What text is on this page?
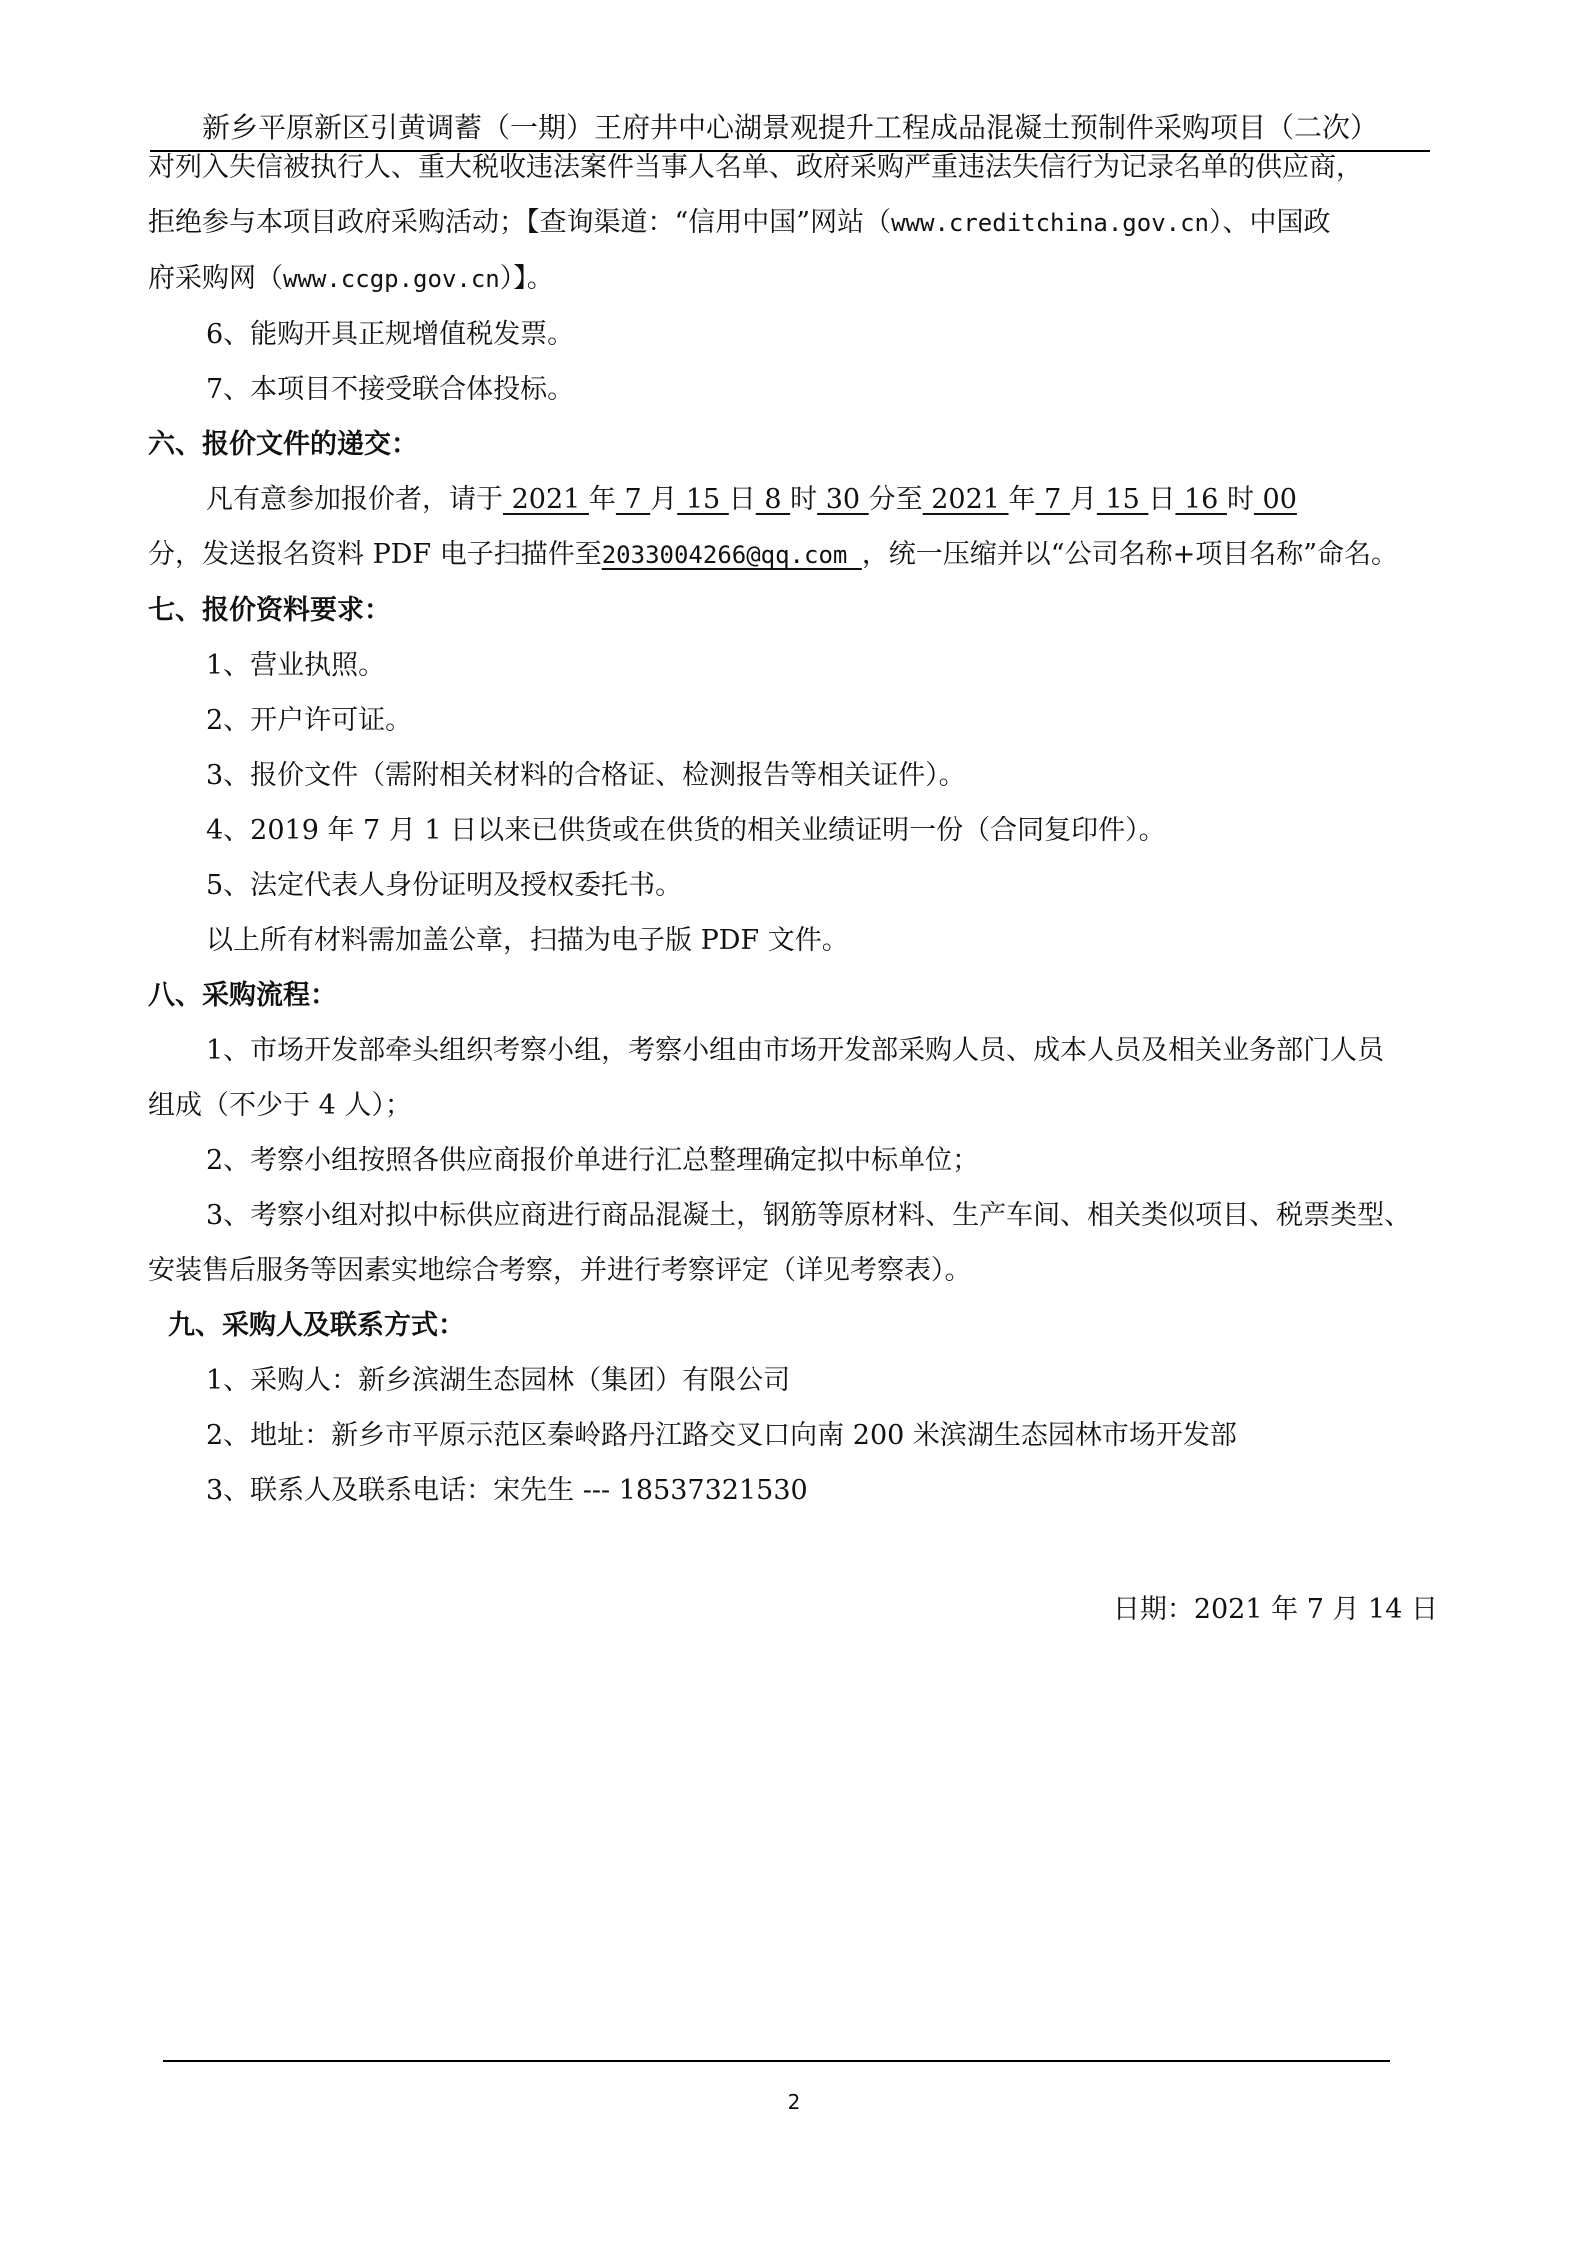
新乡平原新区引黄调蓄（一期）王府井中心湖景观提升工程成品混凝土预制件采购项目（二次）

对列入失信被执行人、重大税收违法案件当事人名单、政府采购严重违法失信行为记录名单的供应商，

拒绝参与本项目政府采购活动；【查询渠道：“信用中国”网站（www.creditchina.gov.cn）、中国政

府采购网（www.ccgp.gov.cn）】。

6、能购开具正规增值税发票。

7、本项目不接受联合体投标。

六、报价文件的递交：

凡有意参加报价者，请于 2021 年 7 月 15 日 8 时 30 分至 2021 年 7 月 15 日 16 时 00

分，发送报名资料 PDF 电子扫描件至2033004266@qq.com ，统一压缩并以“公司名称+项目名称”命名。

七、报价资料要求：

1、营业执照。

2、开户许可证。

3、报价文件（需附相关材料的合格证、检测报告等相关证件）。

4、2019 年 7 月 1 日以来已供货或在供货的相关业绩证明一份（合同复印件）。

5、法定代表人身份证明及授权委托书。

以上所有材料需加盖公章，扫描为电子版 PDF 文件。

八、采购流程：

1、市场开发部牵头组织考察小组，考察小组由市场开发部采购人员、成本人员及相关业务部门人员

组成（不少于 4 人）；

2、考察小组按照各供应商报价单进行汇总整理确定拟中标单位；

3、考察小组对拟中标供应商进行商品混凝土，钢筋等原材料、生产车间、相关类似项目、税票类型、

安装售后服务等因素实地综合考察，并进行考察评定（详见考察表）。

九、采购人及联系方式：

1、采购人：新乡滨湖生态园林（集团）有限公司

2、地址：新乡市平原示范区秦岭路丹江路交叉口向南 200 米滨湖生态园林市场开发部

3、联系人及联系电话：宋先生 --- 18537321530

日期：2021 年 7 月 14 日
2
